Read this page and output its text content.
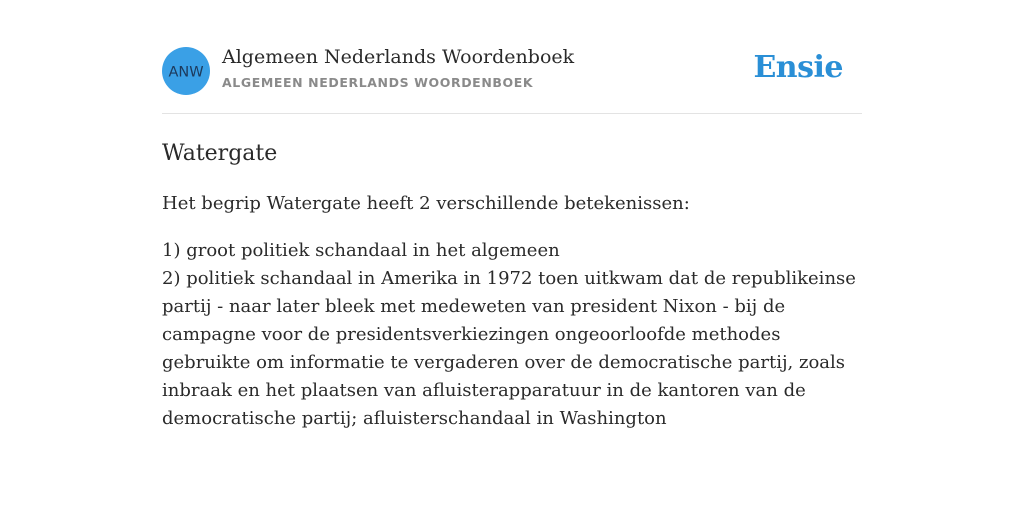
ANW
Algemeen Nederlands Woordenboek
ALGEMEEN NEDERLANDS WOORDENBOEK	Ensie
Watergate

Het begrip Watergate heeft 2 verschillende betekenissen:

1) groot politiek schandaal in het algemeen
2) politiek schandaal in Amerika in 1972 toen uitkwam dat de republikeinse partij - naar later bleek met medeweten van president Nixon - bij de campagne voor de presidentsverkiezingen ongeoorloofde methodes gebruikte om informatie te vergaderen over de democratische partij, zoals inbraak en het plaatsen van afluisterapparatuur in de kantoren van de democratische partij; afluisterschandaal in Washington
